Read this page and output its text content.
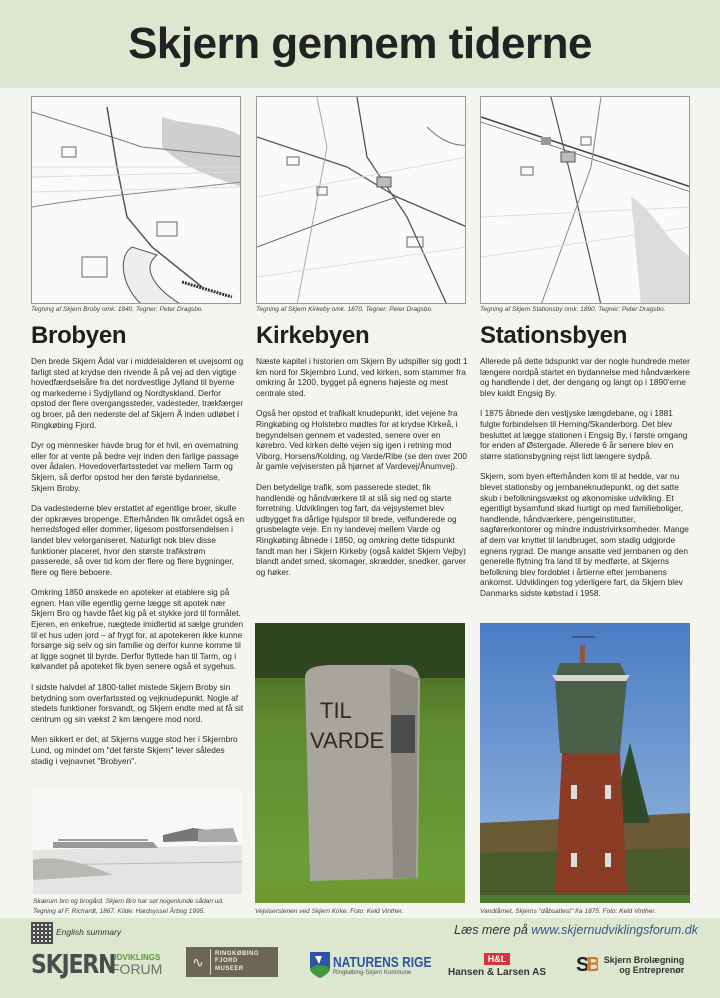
Skjern gennem tiderne
Tegning af Skjern Broby omk. 1840. Tegner: Peter Dragsbo.
Brobyen

Den brede Skjern Ådal var i middelalderen et uvejsomt og farligt sted at krydse den rivende å på vej ad den vigtige hovedfærdselsåre fra det nordvestlige Jylland til byerne og markederne i Sydjylland og Nordtyskland. Derfor opstod der flere overgangssteder, vadesteder, trækfærger og broer, på den nederste del af Skjern Å inden udløbet i Ringkøbing Fjord.

Dyr og mennesker havde brug for et hvil, en overnatning eller for at vente på bedre vejr inden den farlige passage over ådalen. Hovedoverfartsstedet var mellem Tarm og Skjern, så derfor opstod her den første bydannelse, Skjern Broby.

Da vadestederne blev erstattet af egentlige broer, skulle der opkræves bropenge. Efterhånden fik området også en herredsfoged eller dommer, ligesom postforsendelsen i landet blev velorganiseret. Naturligt nok blev disse funktioner placeret, hvor den største trafikstrøm passerede, så over tid kom der flere og flere bygninger, flere og flere beboere.

Omkring 1850 ønskede en apoteker at etablere sig på egnen. Han ville egentlig gerne lægge sit apotek nær Skjern Bro og havde fået kig på et stykke jord til formålet. Ejeren, en enkefrue, nægtede imidlertid at sælge grunden til et hus uden jord – af frygt for, at apotekeren ikke kunne forsørge sig selv og sin familie og derfor kunne komme til at ligge sognet til byrde. Derfor flyttede han til Tarm, og i kølvandet på apoteket fik byen senere også et sygehus.

I sidste halvdel af 1800-tallet mistede Skjern Broby sin betydning som overfartssted og vejknudepunkt. Nogle af stedets funktioner forsvandt, og Skjern endte med at få sit centrum og sin vækst 2 km længere mod nord.

Men sikkert er det, at Skjerns vugge stod her i Skjernbro Lund, og mindet om "det første Skjern" lever således stadig i vejnavnet "Brobyen".

Skærum bro og brogård. Skjern Bro har set nogenlunde sådan ud.
Tegning af F. Richardt, 1867. Kilde: Hardsyssel Årbog 1995.
Tegning af Skjern Kirkeby omk. 1870. Tegner: Peter Dragsbo.
Kirkebyen

Næste kapitel i historien om Skjern By udspiller sig godt 1 km nord for Skjernbro Lund, ved kirken, som stammer fra omkring år 1200, bygget på egnens højeste og mest centrale sted.

Også her opstod et trafikalt knudepunkt, idet vejene fra Ringkøbing og Holstebro mødtes for at krydse Kirkeå, i begyndelsen gennem et vadested, senere over en kørebro. Ved kirken delte vejen sig igen i retning mod Viborg, Horsens/Kolding, og Varde/Ribe (se den over 200 år gamle vejvisersten på hjørnet af Vardevej/Ånumvej).

Den betydelige trafik, som passerede stedet, fik handlende og håndværkere til at slå sig ned og starte forretning. Udviklingen tog fart, da vejsystemet blev udbygget fra dårlige hjulspor til brede, velfunderede og grusbelagte veje. En ny landevej mellem Varde og Ringkøbing åbnede i 1850, og omkring dette tidspunkt fandt man her i Skjern Kirkeby (også kaldet Skjern Vejby) blandt andet smed, skomager, skrædder, snedker, garver og høker.

TIL
VARDE
Vejviserstenen ved Skjern Kirke. Foto: Keld Vinther.
Tegning af Skjern Stationsby omk. 1890. Tegner: Peter Dragsbo.
Stationsbyen

Allerede på dette tidspunkt var der nogle hundrede meter længere nordpå startet en bydannelse med håndværkere og handlende i det, der dengang og langt op i 1890'erne blev kaldt Engsig By.

I 1875 åbnede den vestjyske længdebane, og i 1881 fulgte forbindelsen til Herning/Skanderborg. Det blev besluttet at lægge stationen i Engsig By, i første omgang for enden af Østergade. Allerede 6 år senere blev en større stationsbygning rejst lidt længere sydpå.

Skjern, som byen efterhånden kom til at hedde, var nu blevet stationsby og jernbaneknudepunkt, og det satte skub i befolkningsvækst og økonomiske udvikling. Et egentligt bysamfund skød hurtigt op med familieboliger, handlende, håndværkere, pengeinstitutter, sagførerkontorer og mindre industrivirksomheder. Mange af dem var knyttet til landbruget, som stadig udgjorde egnens rygrad. De mange ansatte ved jernbanen og den generelle flytning fra land til by medførte, at Skjerns befolkning blev fordoblet i årtierne efter jernbanens ankomst. Udviklingen tog yderligere fart, da Skjern blev Danmarks sidste købstad i 1958.

Vandtårnet, Skjerns "dåbsattest" fra 1875. Foto: Keld Vinther.
English summary	Læs mere på www.skjernudviklingsforum.dk
SKJERN
UDVIKLINGS
FORUM	∿	RINGKØBING
FJORD
MUSEER	NATURENS RIGE
Ringkøbing-Skjern Kommune
H&L
Hansen & Larsen AS SB Skjern Brolægning
og Entreprenør
